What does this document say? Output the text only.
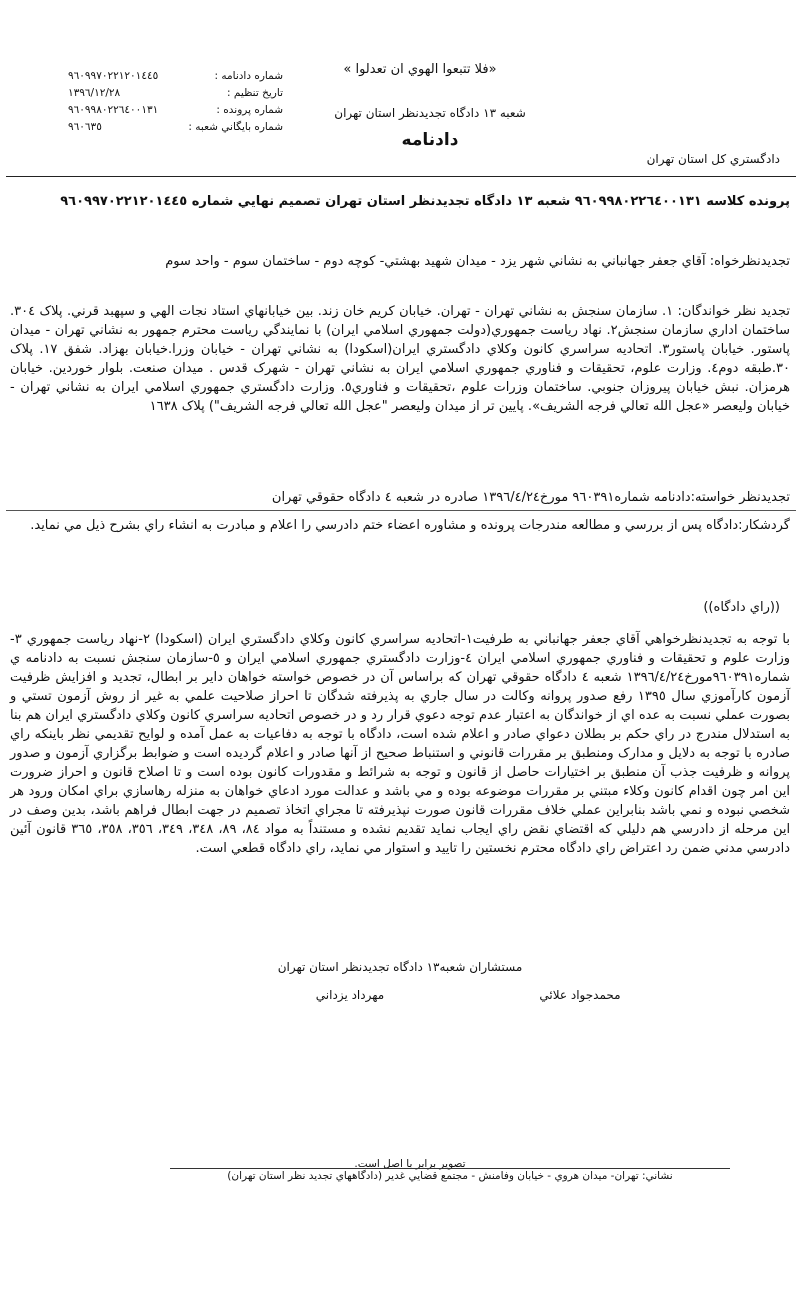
«فلا تتبعوا الهوي ان تعدلوا »
شعبه ١٣ دادگاه تجديدنظر استان تهران
دادنامه
شماره دادنامه :
٩٦٠٩٩٧٠٢٢١٢٠١٤٤٥
تاريخ تنظيم :
١٣٩٦/١٢/٢٨
شماره پرونده :
٩٦٠٩٩٨٠٢٢٦٤٠٠١٣١
شماره بايگاني شعبه :
٩٦٠٦٣٥
دادگستري کل استان تهران

پرونده کلاسه ٩٦٠٩٩٨٠٢٢٦٤٠٠١٣١ شعبه ١٣ دادگاه تجديدنظر استان تهران تصميم نهايي شماره ٩٦٠٩٩٧٠٢٢١٢٠١٤٤٥

تجديدنظرخواه: آقاي جعفر جهانباني به نشاني شهر يزد - ميدان شهيد بهشتي- کوچه دوم - ساختمان سوم - واحد سوم

تجديد نظر خواندگان: ١. سازمان سنجش به نشاني تهران - تهران. خيابان کريم خان زند. بين خيابانهاي استاد نجات الهي و سپهبد قرني. پلاک ٣٠٤. ساختمان اداري سازمان سنجش٢. نهاد رياست جمهوري(دولت جمهوري اسلامي ايران) با نمايندگي رياست محترم جمهور به نشاني تهران - ميدان پاستور. خيابان پاستور٣. اتحاديه سراسري کانون وکلاي دادگستري ايران(اسکودا) به نشاني تهران - خيابان وزرا.خيابان بهزاد. شفق ١٧. پلاک ٣٠.طبقه دوم٤. وزارت علوم، تحقيقات و فناوري جمهوري اسلامي ايران به نشاني تهران - شهرک قدس . ميدان صنعت. بلوار خوردين. خيابان هرمزان. نبش خيابان پيروزان جنوبي. ساختمان وزرات علوم ،تحقيقات و فناوري٥. وزارت دادگستري جمهوري اسلامي ايران به نشاني تهران - خيابان وليعصر «عجل الله تعالي فرجه الشريف». پايين تر از ميدان وليعصر "عجل الله تعالي فرجه الشريف") پلاک ١٦٣٨

تجديدنظر خواسته:دادنامه شماره٩٦٠٣٩١ مورخ١٣٩٦/٤/٢٤ صادره در شعبه ٤ دادگاه حقوقي تهران

گردشکار:دادگاه پس از بررسي و مطالعه مندرجات پرونده و مشاوره اعضاء ختم دادرسي را اعلام و مبادرت به انشاء راي بشرح ذيل مي نمايد.

((راي دادگاه))

با توجه به تجديدنظرخواهي آقاي جعفر جهانباني به طرفيت١-اتحاديه سراسري کانون وکلاي دادگستري ايران (اسکودا) ٢-نهاد رياست جمهوري ٣-وزارت علوم و تحقيقات و فناوري جمهوري اسلامي ايران ٤-وزارت دادگستري جمهوري اسلامي ايران و ٥-سازمان سنجش نسبت به دادنامه ي شماره٩٦٠٣٩١مورخ١٣٩٦/٤/٢٤ شعبه ٤ دادگاه حقوقي تهران که براساس آن در خصوص خواسته خواهان داير بر ابطال، تجديد و افزايش ظرفيت آزمون کارآموزي سال ١٣٩٥ رفع صدور پروانه وکالت در سال جاري به پذيرفته شدگان تا احراز صلاحيت علمي به غير از روش آزمون تستي و بصورت عملي نسبت به عده اي از خواندگان به اعتبار عدم توجه دعوي قرار رد و در خصوص اتحاديه سراسري کانون وکلاي دادگستري ايران هم بنا به استدلال مندرج در راي حکم بر بطلان دعواي صادر و اعلام شده است، دادگاه با توجه به دفاعيات به عمل آمده و لوايح تقديمي نظر باينکه راي صادره با توجه به دلايل و مدارک ومنطبق بر مقررات قانوني و استنباط صحيح از آنها صادر و اعلام گرديده است و ضوابط برگزاري آزمون و صدور پروانه و ظرفيت جذب آن منطبق بر اختيارات حاصل از قانون و توجه به شرائط و مقدورات کانون بوده است و تا اصلاح قانون و احراز ضرورت اين امر چون اقدام کانون وکلاء مبتني بر مقررات موضوعه بوده و مي باشد و عدالت مورد ادعاي خواهان به منزله رهاسازي براي امکان ورود هر شخصي نبوده و نمي باشد بنابراين عملي خلاف مقررات قانون صورت نپذيرفته تا مجراي اتخاذ تصميم در جهت ابطال فراهم باشد، بدين وصف در اين مرحله از دادرسي هم دليلي که اقتضاي نقض راي ايجاب نمايد تقديم نشده و مستنداً به مواد ٨٤، ٨٩، ٣٤٨، ٣٤٩، ٣٥٦، ٣٥٨، ٣٦٥ قانون آئين دادرسي مدني ضمن رد اعتراض راي دادگاه محترم نخستين را تاييد و استوار مي نمايد، راي دادگاه قطعي است.

مستشاران شعبه١٣ دادگاه تجديدنظر استان تهران
محمدجواد علائي
مهرداد يزداني
تصوير برابر با اصل است.
نشاني: تهران- ميدان هروي - خيابان وفامنش - مجتمع قضايي غدير (دادگاههاي تجديد نظر استان تهران)
